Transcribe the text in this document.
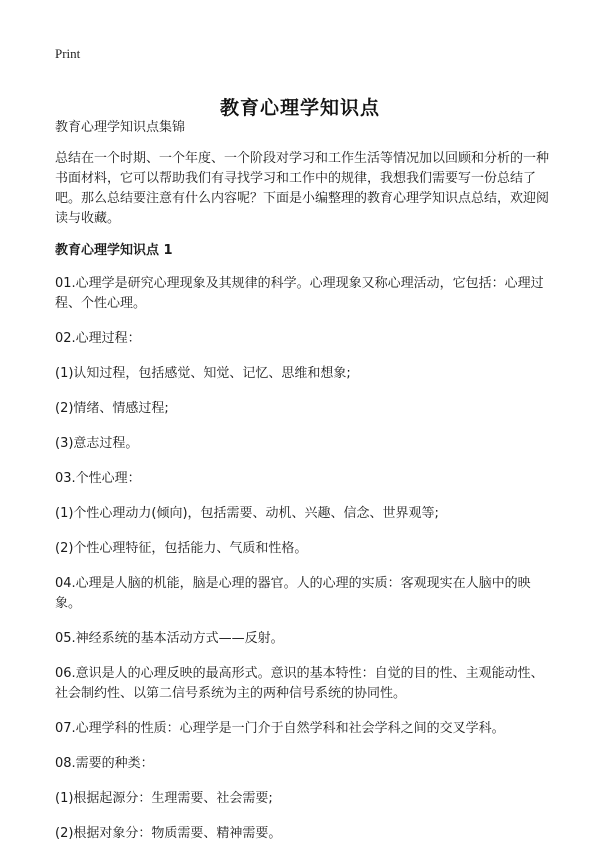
Print
教育心理学知识点

教育心理学知识点集锦

总结在一个时期、一个年度、一个阶段对学习和工作生活等情况加以回顾和分析的一种书面材料，它可以帮助我们有寻找学习和工作中的规律，我想我们需要写一份总结了吧。那么总结要注意有什么内容呢？下面是小编整理的教育心理学知识点总结，欢迎阅读与收藏。

教育心理学知识点 1

01.心理学是研究心理现象及其规律的科学。心理现象又称心理活动，它包括：心理过程、个性心理。

02.心理过程：

(1)认知过程，包括感觉、知觉、记忆、思维和想象;

(2)情绪、情感过程;

(3)意志过程。

03.个性心理：

(1)个性心理动力(倾向)，包括需要、动机、兴趣、信念、世界观等;

(2)个性心理特征，包括能力、气质和性格。

04.心理是人脑的机能，脑是心理的器官。人的心理的实质：客观现实在人脑中的映象。

05.神经系统的基本活动方式——反射。

06.意识是人的心理反映的最高形式。意识的基本特性：自觉的目的性、主观能动性、社会制约性、以第二信号系统为主的两种信号系统的协同性。

07.心理学科的性质：心理学是一门介于自然学科和社会学科之间的交叉学科。

08.需要的种类：

(1)根据起源分：生理需要、社会需要;

(2)根据对象分：物质需要、精神需要。
